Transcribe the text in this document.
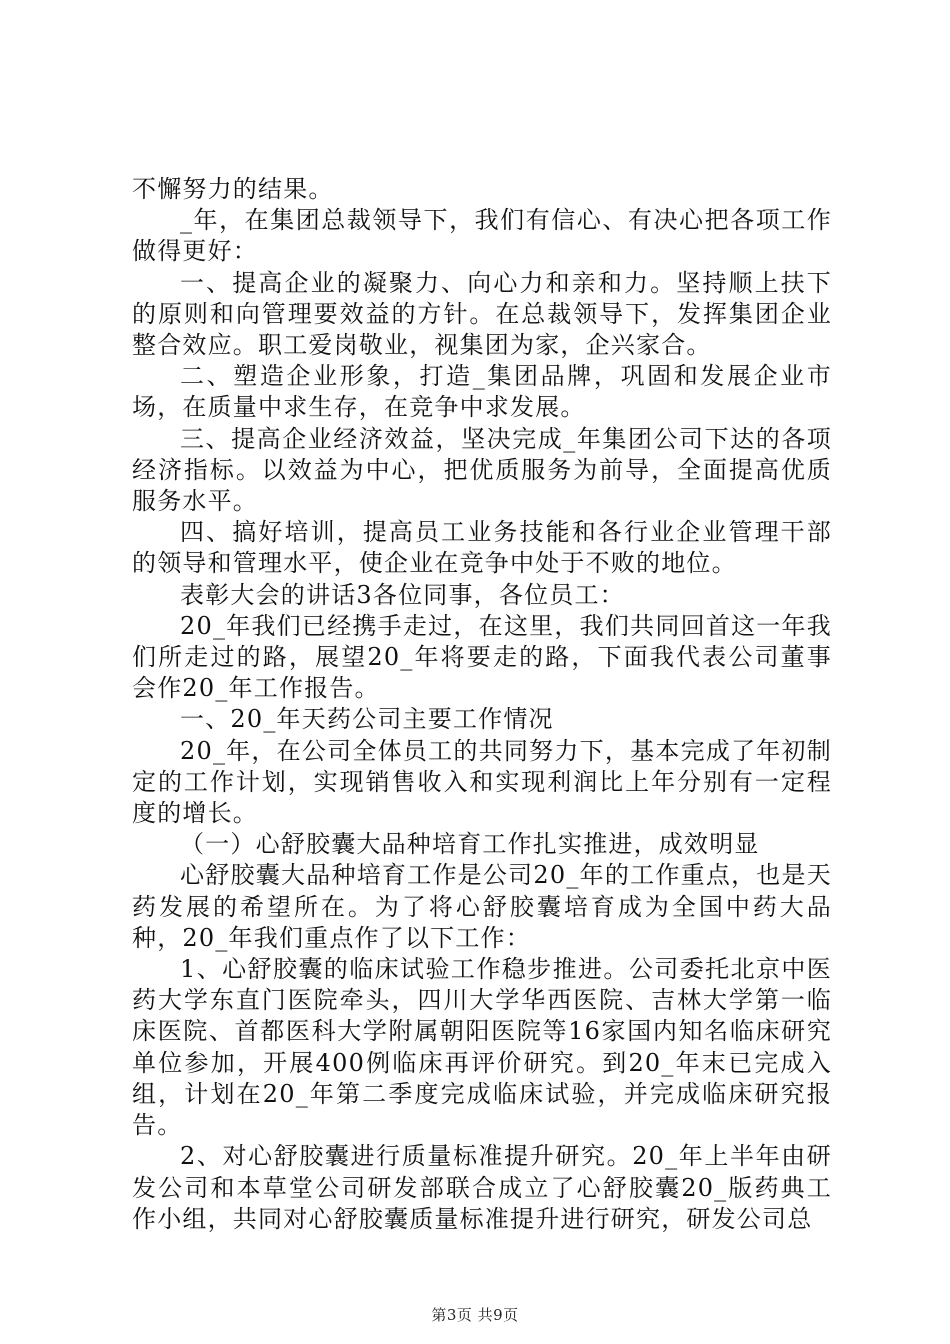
不懈努力的结果。

_年，在集团总裁领导下，我们有信心、有决心把各项工作做得更好：

一、提高企业的凝聚力、向心力和亲和力。坚持顺上扶下的原则和向管理要效益的方针。在总裁领导下，发挥集团企业整合效应。职工爱岗敬业，视集团为家，企兴家合。

二、塑造企业形象，打造_集团品牌，巩固和发展企业市场，在质量中求生存，在竞争中求发展。

三、提高企业经济效益，坚决完成_年集团公司下达的各项经济指标。以效益为中心，把优质服务为前导，全面提高优质服务水平。

四、搞好培训，提高员工业务技能和各行业企业管理干部的领导和管理水平，使企业在竞争中处于不败的地位。

表彰大会的讲话3各位同事，各位员工：

20_年我们已经携手走过，在这里，我们共同回首这一年我们所走过的路，展望20_年将要走的路，下面我代表公司董事会作20_年工作报告。

一、20_年天药公司主要工作情况

20_年，在公司全体员工的共同努力下，基本完成了年初制定的工作计划，实现销售收入和实现利润比上年分别有一定程度的增长。

（一）心舒胶囊大品种培育工作扎实推进，成效明显

心舒胶囊大品种培育工作是公司20_年的工作重点，也是天药发展的希望所在。为了将心舒胶囊培育成为全国中药大品种，20_年我们重点作了以下工作：

1、心舒胶囊的临床试验工作稳步推进。公司委托北京中医药大学东直门医院牵头，四川大学华西医院、吉林大学第一临床医院、首都医科大学附属朝阳医院等16家国内知名临床研究单位参加，开展400例临床再评价研究。到20_年末已完成入组，计划在20_年第二季度完成临床试验，并完成临床研究报告。

2、对心舒胶囊进行质量标准提升研究。20_年上半年由研发公司和本草堂公司研发部联合成立了心舒胶囊20_版药典工作小组，共同对心舒胶囊质量标准提升进行研究，研发公司总

第3页 共9页
